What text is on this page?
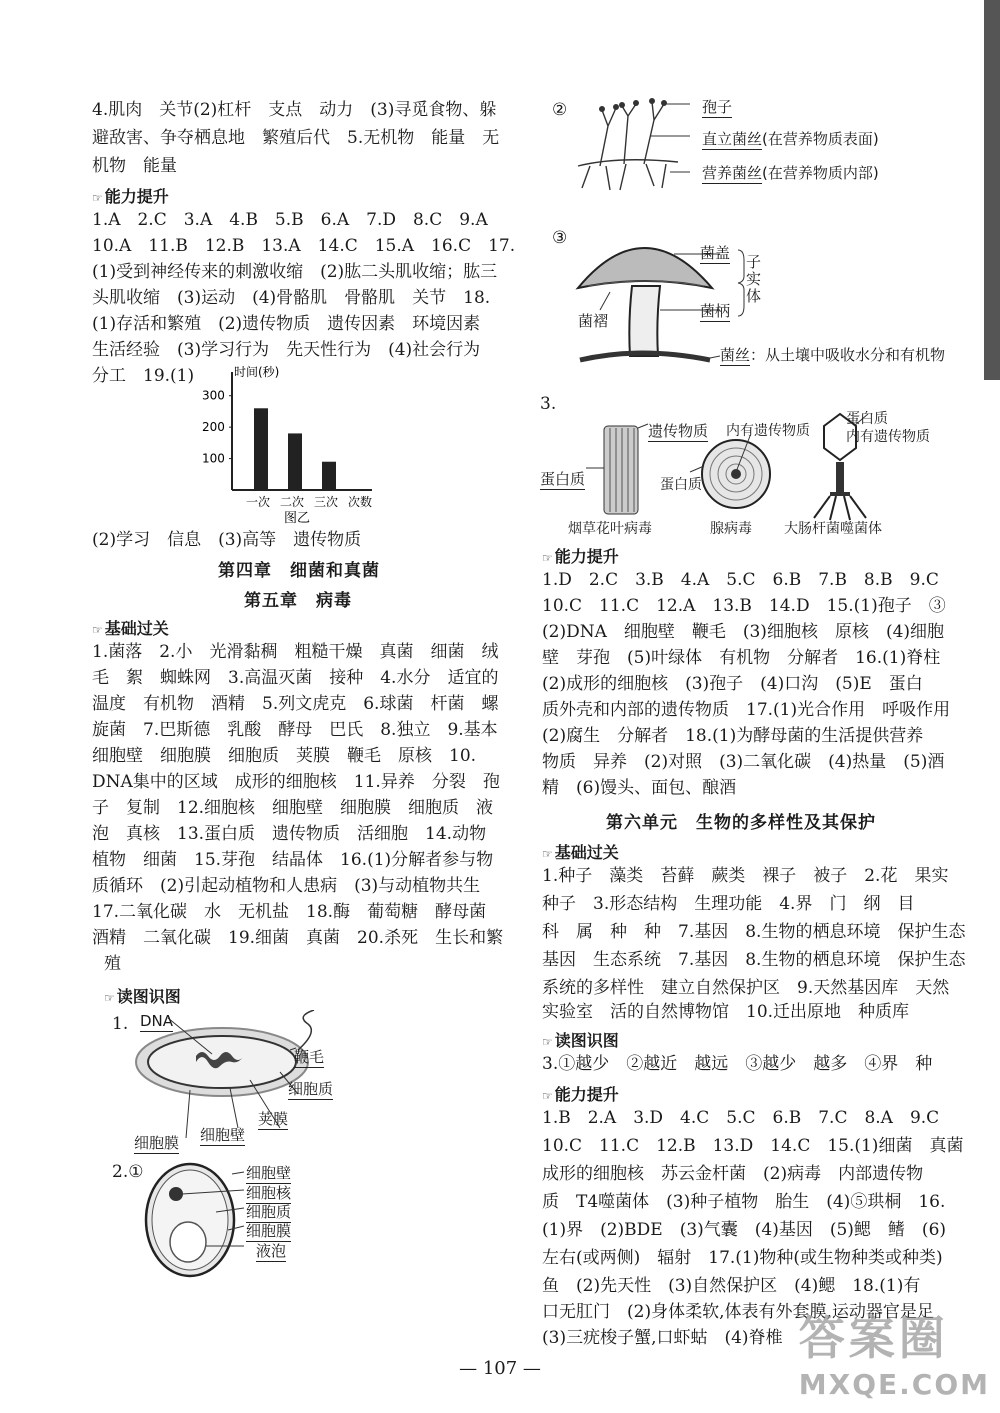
4.肌肉　关节(2)杠杆　支点　动力　(3)寻觅食物、躲
避敌害、争夺栖息地　繁殖后代　5.无机物　能量　无
机物　能量
☞ 能力提升
1.A　2.C　3.A　4.B　5.B　6.A　7.D　8.C　9.A
10.A　11.B　12.B　13.A　14.C　15.A　16.C　17.
(1)受到神经传来的刺激收缩　(2)肱二头肌收缩；肱三
头肌收缩　(3)运动　(4)骨骼肌　骨骼肌　关节　18.
(1)存活和繁殖　(2)遗传物质　遗传因素　环境因素
生活经验　(3)学习行为　先天性行为　(4)社会行为
分工　19.(1)	时间(秒)
100
200
300
一次 二次 三次 次数
图乙
(2)学习　信息　(3)高等　遗传物质
第四章　细菌和真菌
第五章　病毒
☞ 基础过关
1.菌落　2.小　光滑黏稠　粗糙干燥　真菌　细菌　绒
毛　絮　蜘蛛网　3.高温灭菌　接种　4.水分　适宜的
温度　有机物　酒精　5.列文虎克　6.球菌　杆菌　螺
旋菌　7.巴斯德　乳酸　酵母　巴氏　8.独立　9.基本
细胞壁　细胞膜　细胞质　荚膜　鞭毛　原核　10.
DNA集中的区域　成形的细胞核　11.异养　分裂　孢
子　复制　12.细胞核　细胞壁　细胞膜　细胞质　液
泡　真核　13.蛋白质　遗传物质　活细胞　14.动物
植物　细菌　15.芽孢　结晶体　16.(1)分解者参与物
质循环　(2)引起动植物和人患病　(3)与动植物共生
17.二氧化碳　水　无机盐　18.酶　葡萄糖　酵母菌
酒精　二氧化碳　19.细菌　真菌　20.杀死　生长和繁
殖
☞ 读图识图
1. DNA
鞭毛
细胞质
荚膜
细胞壁
细胞膜
2.①	细胞壁
细胞核
细胞质
细胞膜
液泡
②	孢子
直立菌丝(在营养物质表面)
营养菌丝(在营养物质内部)
③
菌盖
菌褶
菌柄
子实体
菌丝：从土壤中吸收水分和有机物
3.
遗传物质
蛋白质
内有遗传物质
蛋白质
蛋白质
内有遗传物质
烟草花叶病毒	腺病毒 大肠杆菌噬菌体
☞ 能力提升
1.D　2.C　3.B　4.A　5.C　6.B　7.B　8.B　9.C
10.C　11.C　12.A　13.B　14.D　15.(1)孢子　③
(2)DNA　细胞壁　鞭毛　(3)细胞核　原核　(4)细胞
壁　芽孢　(5)叶绿体　有机物　分解者　16.(1)脊柱
(2)成形的细胞核　(3)孢子　(4)口沟　(5)E　蛋白
质外壳和内部的遗传物质　17.(1)光合作用　呼吸作用
(2)腐生　分解者　18.(1)为酵母菌的生活提供营养
物质　异养　(2)对照　(3)二氧化碳　(4)热量　(5)酒
精　(6)馒头、面包、酿酒
第六单元　生物的多样性及其保护
☞ 基础过关
1.种子　藻类　苔藓　蕨类　裸子　被子　2.花　果实
种子　3.形态结构　生理功能　4.界　门　纲　目
科　属　种　种　7.基因　8.生物的栖息环境　保护生态
基因　生态系统　7.基因　8.生物的栖息环境　保护生态
系统的多样性　建立自然保护区　9.天然基因库　天然
实验室　活的自然博物馆　10.迁出原地　种质库
☞ 读图识图
3.①越少　②越近　越远　③越少　越多　④界　种
☞ 能力提升
1.B　2.A　3.D　4.C　5.C　6.B　7.C　8.A　9.C
10.C　11.C　12.B　13.D　14.C　15.(1)细菌　真菌
成形的细胞核　苏云金杆菌　(2)病毒　内部遗传物
质　T4噬菌体　(3)种子植物　胎生　(4)⑤珙桐　16.
(1)界　(2)BDE　(3)气囊　(4)基因　(5)鳃　鳍　(6)
左右(或两侧)　辐射　17.(1)物种(或生物种类或种类)
鱼　(2)先天性　(3)自然保护区　(4)鳃　18.(1)有
口无肛门　(2)身体柔软,体表有外套膜,运动器官是足
(3)三疣梭子蟹,口虾蛄　(4)脊椎
— 107 —
答案圈
MXQE.COM
